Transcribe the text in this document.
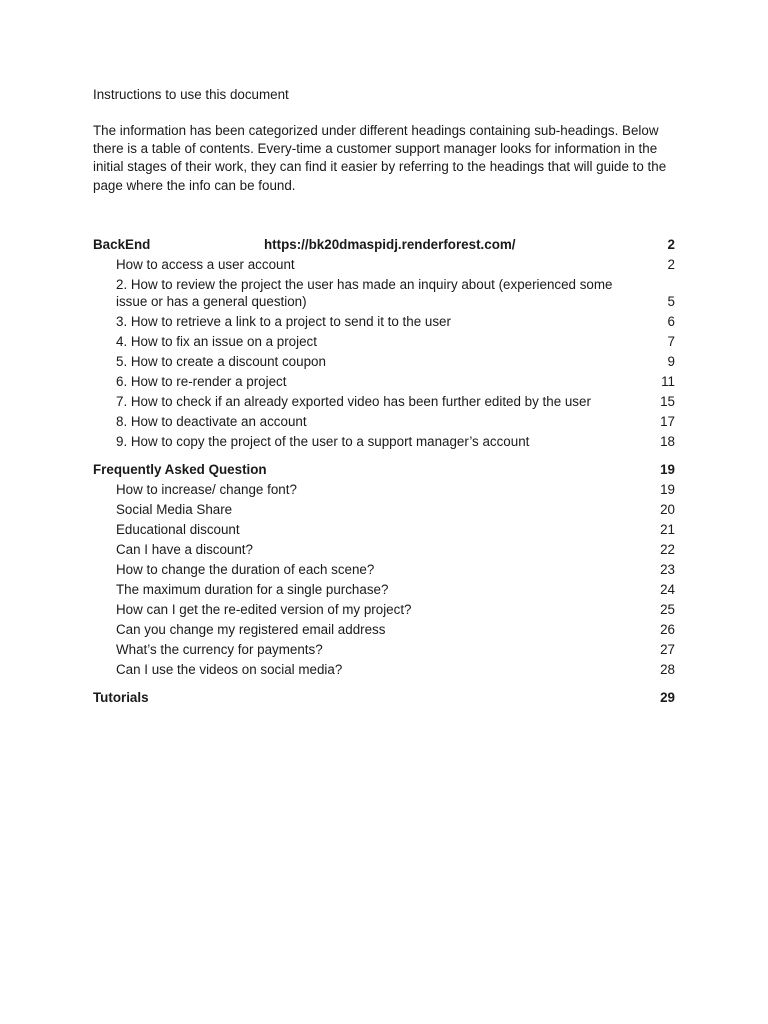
Instructions to use this document

The information has been categorized under different headings containing sub-headings. Below there is a table of contents. Every-time a customer support manager looks for information in the initial stages of their work, they can find it easier by referring to the headings that will guide to the page where the info can be found.
BackEnd	https://bk20dmaspidj.renderforest.com/	2
How to access a user account	2
2. How to review the project the user has made an inquiry about (experienced some issue or has a general question)	5
3. How to retrieve a link to a project to send it to the user	6
4. How to fix an issue on a project	7
5. How to create a discount coupon	9
6. How to re-render a project	11
7. How to check if an already exported video has been further edited by the user	15
8. How to deactivate an account	17
9. How to copy the project of the user to a support manager’s account	18
Frequently Asked Question	19
How to increase/ change font?	19
Social Media Share	20
Educational discount	21
Can I have a discount?	22
How to change the duration of each scene?	23
The maximum duration for a single purchase?	24
How can I get the re-edited version of my project?	25
Can you change my registered email address	26
What’s the currency for payments?	27
Can I use the videos on social media?	28
Tutorials	29
